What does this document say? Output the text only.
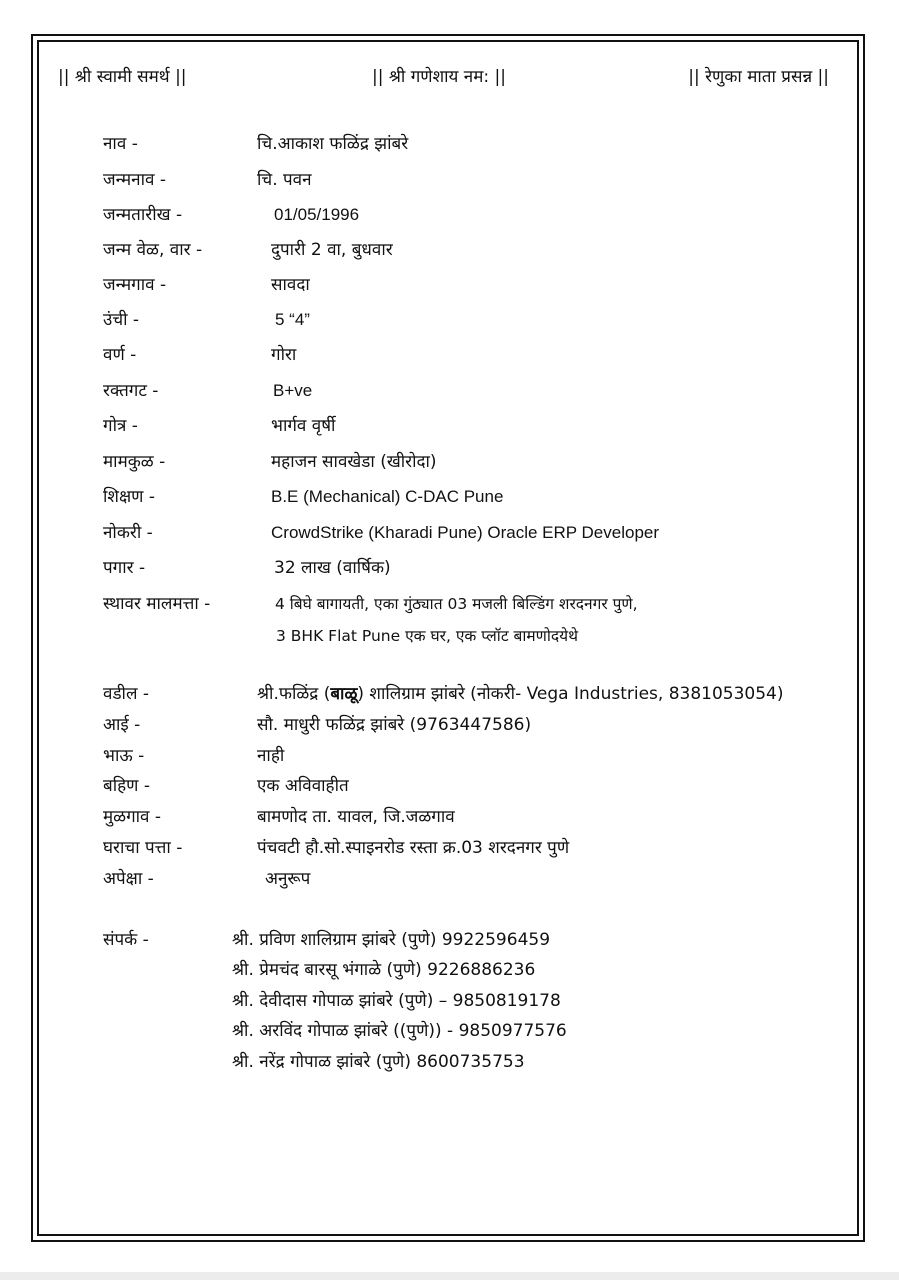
|| श्री स्वामी समर्थ ||	|| श्री गणेशाय नम: ||	|| रेणुका माता प्रसन्न ||
नाव -	चि.आकाश फळिंद्र झांबरे
जन्मनाव -	चि. पवन
जन्मतारीख -	01/05/1996
जन्म वेळ, वार -	दुपारी 2 वा, बुधवार
जन्मगाव -	सावदा
उंची -	5 “4”
वर्ण -	गोरा
रक्तगट -	B+ve
गोत्र -	भार्गव वृर्षी
मामकुळ -	महाजन सावखेडा (खीरोदा)
शिक्षण -	B.E (Mechanical) C-DAC Pune
नोकरी -	CrowdStrike (Kharadi Pune) Oracle ERP Developer
पगार -	32 लाख (वार्षिक)
स्थावर मालमत्ता -	4 बिघे बागायती, एका गुंठ्यात 03 मजली बिल्डिंग शरदनगर पुणे,
3 BHK Flat Pune एक घर, एक प्लॉट बामणोदयेथे
वडील -	श्री.फळिंद्र (बाळू) शालिग्राम झांबरे (नोकरी- Vega Industries, 8381053054)
आई -	सौ. माधुरी फळिंद्र झांबरे (9763447586)
भाऊ -	नाही
बहिण -	एक अविवाहीत
मुळगाव -	बामणोद ता. यावल, जि.जळगाव
घराचा पत्ता -	पंचवटी हौ.सो.स्पाइनरोड रस्ता क्र.03 शरदनगर पुणे
अपेक्षा -	अनुरूप
संपर्क -	श्री. प्रविण शालिग्राम झांबरे (पुणे) 9922596459
श्री. प्रेमचंद बारसू भंगाळे (पुणे) 9226886236
श्री. देवीदास गोपाळ झांबरे (पुणे) – 9850819178
श्री. अरविंद गोपाळ झांबरे ((पुणे)) - 9850977576
श्री. नरेंद्र गोपाळ झांबरे (पुणे) 8600735753
